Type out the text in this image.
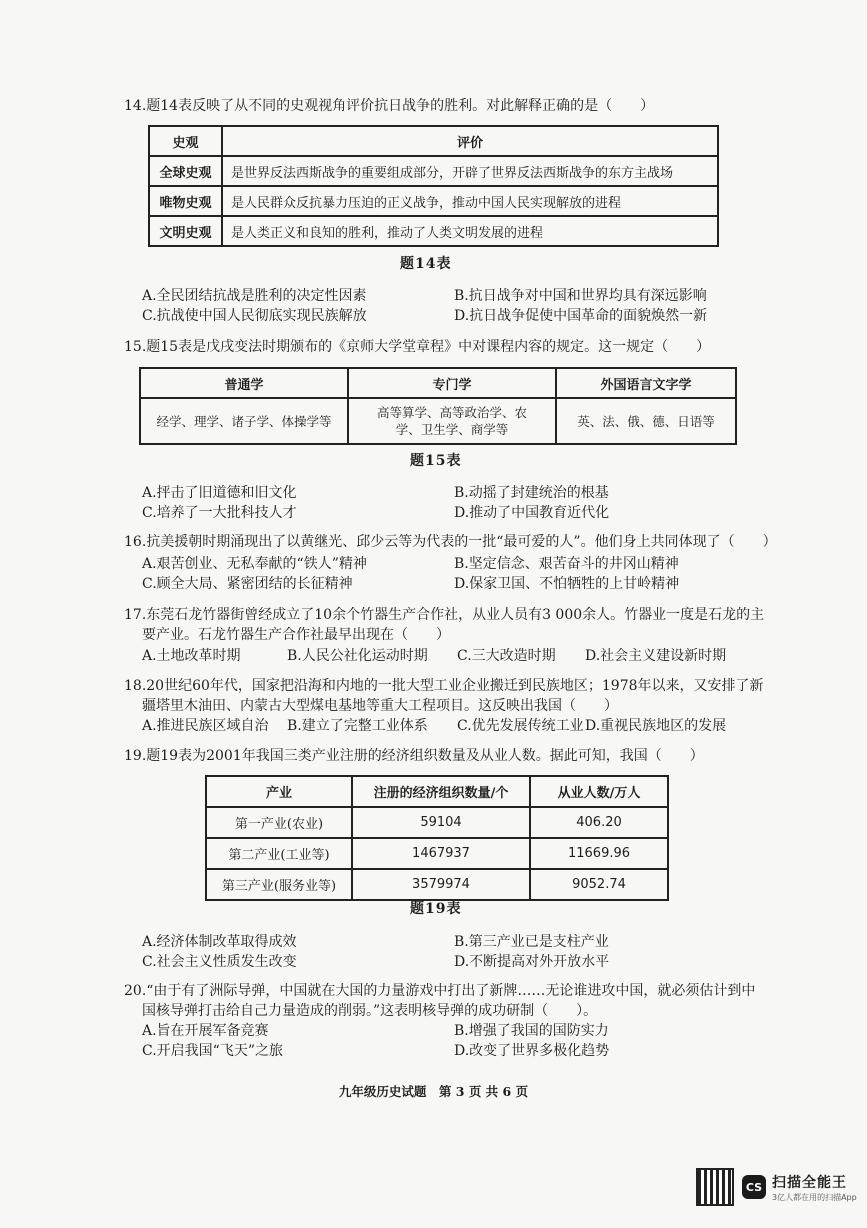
14.题14表反映了从不同的史观视角评价抗日战争的胜利。对此解释正确的是（　　）
史观	评价
全球史观	是世界反法西斯战争的重要组成部分，开辟了世界反法西斯战争的东方主战场
唯物史观	是人民群众反抗暴力压迫的正义战争，推动中国人民实现解放的进程
文明史观	是人类正义和良知的胜利，推动了人类文明发展的进程
题14表
A.全民团结抗战是胜利的决定性因素	B.抗日战争对中国和世界均具有深远影响
C.抗战使中国人民彻底实现民族解放	D.抗日战争促使中国革命的面貌焕然一新
15.题15表是戊戌变法时期颁布的《京师大学堂章程》中对课程内容的规定。这一规定（　　）
普通学	专门学	外国语言文字学
经学、理学、诸子学、体操学等	高等算学、高等政治学、农学、卫生学、商学等	英、法、俄、德、日语等
题15表
A.抨击了旧道德和旧文化	B.动摇了封建统治的根基
C.培养了一大批科技人才	D.推动了中国教育近代化
16.抗美援朝时期涌现出了以黄继光、邱少云等为代表的一批“最可爱的人”。他们身上共同体现了（　　）
A.艰苦创业、无私奉献的“铁人”精神	B.坚定信念、艰苦奋斗的井冈山精神
C.顾全大局、紧密团结的长征精神	D.保家卫国、不怕牺牲的上甘岭精神
17.东莞石龙竹器街曾经成立了10余个竹器生产合作社，从业人员有3 000余人。竹器业一度是石龙的主
要产业。石龙竹器生产合作社最早出现在（　　）
A.土地改革时期	B.人民公社化运动时期	C.三大改造时期	D.社会主义建设新时期
18.20世纪60年代，国家把沿海和内地的一批大型工业企业搬迁到民族地区；1978年以来，又安排了新
疆塔里木油田、内蒙古大型煤电基地等重大工程项目。这反映出我国（　　）
A.推进民族区域自治	B.建立了完整工业体系	C.优先发展传统工业 D.重视民族地区的发展
19.题19表为2001年我国三类产业注册的经济组织数量及从业人数。据此可知，我国（　　）
产业	注册的经济组织数量/个	从业人数/万人
第一产业(农业)	59104	406.20
第二产业(工业等)	1467937	11669.96
第三产业(服务业等)	3579974	9052.74
题19表
A.经济体制改革取得成效	B.第三产业已是支柱产业
C.社会主义性质发生改变	D.不断提高对外开放水平
20.“由于有了洲际导弹，中国就在大国的力量游戏中打出了新牌……无论谁进攻中国，就必须估计到中
国核导弹打击给自己力量造成的削弱。”这表明核导弹的成功研制（　　）。
A.旨在开展军备竞赛	B.增强了我国的国防实力
C.开启我国“飞天”之旅	D.改变了世界多极化趋势
九年级历史试题　第 3 页 共 6 页
CS 扫描全能王
3亿人都在用的扫描App
